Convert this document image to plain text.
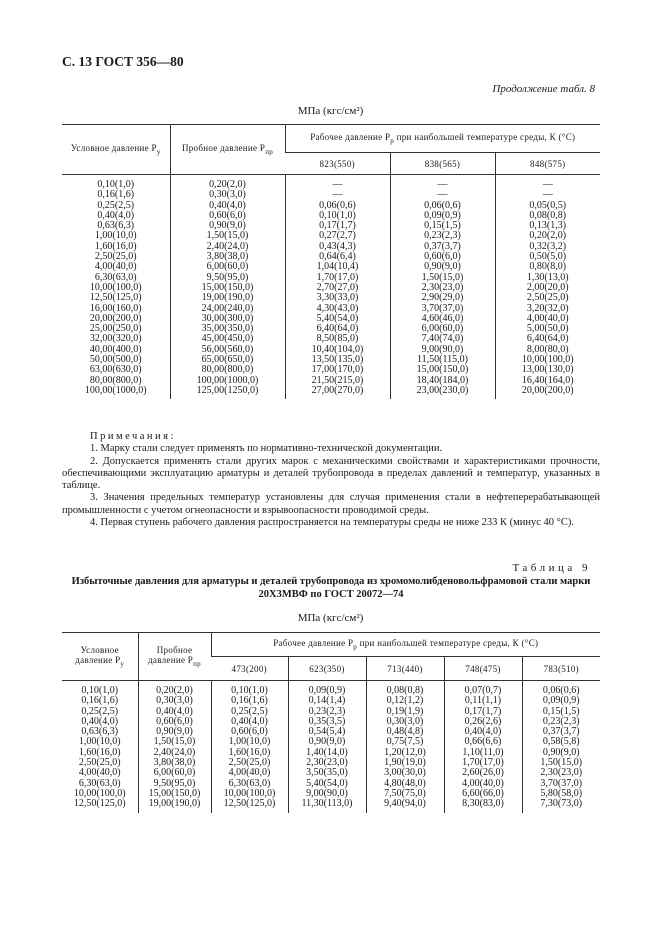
С. 13 ГОСТ 356—80
Продолжение табл. 8
МПа (кгс/см²)
Условное давление $P_у$	Пробное давление $P_{пр}$	Рабочее давление $P_р$ при наибольшей температуре среды, К (°С)		
		823(550)	838(565)	848(575)
0,10(1,0)	0,20(2,0)	—	—	—
0,16(1,6)	0,30(3,0)	—	—	—
0,25(2,5)	0,40(4,0)	0,06(0,6)	0,06(0,6)	0,05(0,5)
0,40(4,0)	0,60(6,0)	0,10(1,0)	0,09(0,9)	0,08(0,8)
0,63(6,3)	0,90(9,0)	0,17(1,7)	0,15(1,5)	0,13(1,3)
1,00(10,0)	1,50(15,0)	0,27(2,7)	0,23(2,3)	0,20(2,0)
1,60(16,0)	2,40(24,0)	0,43(4,3)	0,37(3,7)	0,32(3,2)
2,50(25,0)	3,80(38,0)	0,64(6,4)	0,60(6,0)	0,50(5,0)
4,00(40,0)	6,00(60,0)	1,04(10,4)	0,90(9,0)	0,80(8,0)
6,30(63,0)	9,50(95,0)	1,70(17,0)	1,50(15,0)	1,30(13,0)
10,00(100,0)	15,00(150,0)	2,70(27,0)	2,30(23,0)	2,00(20,0)
12,50(125,0)	19,00(190,0)	3,30(33,0)	2,90(29,0)	2,50(25,0)
16,00(160,0)	24,00(240,0)	4,30(43,0)	3,70(37,0)	3,20(32,0)
20,00(200,0)	30,00(300,0)	5,40(54,0)	4,60(46,0)	4,00(40,0)
25,00(250,0)	35,00(350,0)	6,40(64,0)	6,00(60,0)	5,00(50,0)
32,00(320,0)	45,00(450,0)	8,50(85,0)	7,40(74,0)	6,40(64,0)
40,00(400,0)	56,00(560,0)	10,40(104,0)	9,00(90,0)	8,00(80,0)
50,00(500,0)	65,00(650,0)	13,50(135,0)	11,50(115,0)	10,00(100,0)
63,00(630,0)	80,00(800,0)	17,00(170,0)	15,00(150,0)	13,00(130,0)
80,00(800,0)	100,00(1000,0)	21,50(215,0)	18,40(184,0)	16,40(164,0)
100,00(1000,0)	125,00(1250,0)	27,00(270,0)	23,00(230,0)	20,00(200,0)

Примечания:

1. Марку стали следует применять по нормативно-технической документации.

2. Допускается применять стали других марок с механическими свойствами и характеристиками прочности, обеспечивающими эксплуатацию арматуры и деталей трубопровода в пределах давлений и температур, указанных в таблице.

3. Значения предельных температур установлены для случая применения стали в нефтеперерабатывающей промышленности с учетом огнеопасности и взрывоопасности проводимой среды.

4. Первая ступень рабочего давления распространяется на температуры среды не ниже 233 К (минус 40 °С).

Таблица 9
Избыточные давления для арматуры и деталей трубопровода из хромомолибденовольфрамовой стали марки 20Х3МВФ по ГОСТ 20072—74
МПа (кгс/см²)
Условное давление $P_у$	Пробное давление $P_{пр}$	Рабочее давление $P_р$ при наибольшей температуре среды, К (°С)				
		473(200)	623(350)	713(440)	748(475)	783(510)
0,10(1,0)	0,20(2,0)	0,10(1,0)	0,09(0,9)	0,08(0,8)	0,07(0,7)	0,06(0,6)
0,16(1,6)	0,30(3,0)	0,16(1,6)	0,14(1,4)	0,12(1,2)	0,11(1,1)	0,09(0,9)
0,25(2,5)	0,40(4,0)	0,25(2,5)	0,23(2,3)	0,19(1,9)	0,17(1,7)	0,15(1,5)
0,40(4,0)	0,60(6,0)	0,40(4,0)	0,35(3,5)	0,30(3,0)	0,26(2,6)	0,23(2,3)
0,63(6,3)	0,90(9,0)	0,60(6,0)	0,54(5,4)	0,48(4,8)	0,40(4,0)	0,37(3,7)
1,00(10,0)	1,50(15,0)	1,00(10,0)	0,90(9,0)	0,75(7,5)	0,66(6,6)	0,58(5,8)
1,60(16,0)	2,40(24,0)	1,60(16,0)	1,40(14,0)	1,20(12,0)	1,10(11,0)	0,90(9,0)
2,50(25,0)	3,80(38,0)	2,50(25,0)	2,30(23,0)	1,90(19,0)	1,70(17,0)	1,50(15,0)
4,00(40,0)	6,00(60,0)	4,00(40,0)	3,50(35,0)	3,00(30,0)	2,60(26,0)	2,30(23,0)
6,30(63,0)	9,50(95,0)	6,30(63,0)	5,40(54,0)	4,80(48,0)	4,00(40,0)	3,70(37,0)
10,00(100,0)	15,00(150,0)	10,00(100,0)	9,00(90,0)	7,50(75,0)	6,60(66,0)	5,80(58,0)
12,50(125,0)	19,00(190,0)	12,50(125,0)	11,30(113,0)	9,40(94,0)	8,30(83,0)	7,30(73,0)
